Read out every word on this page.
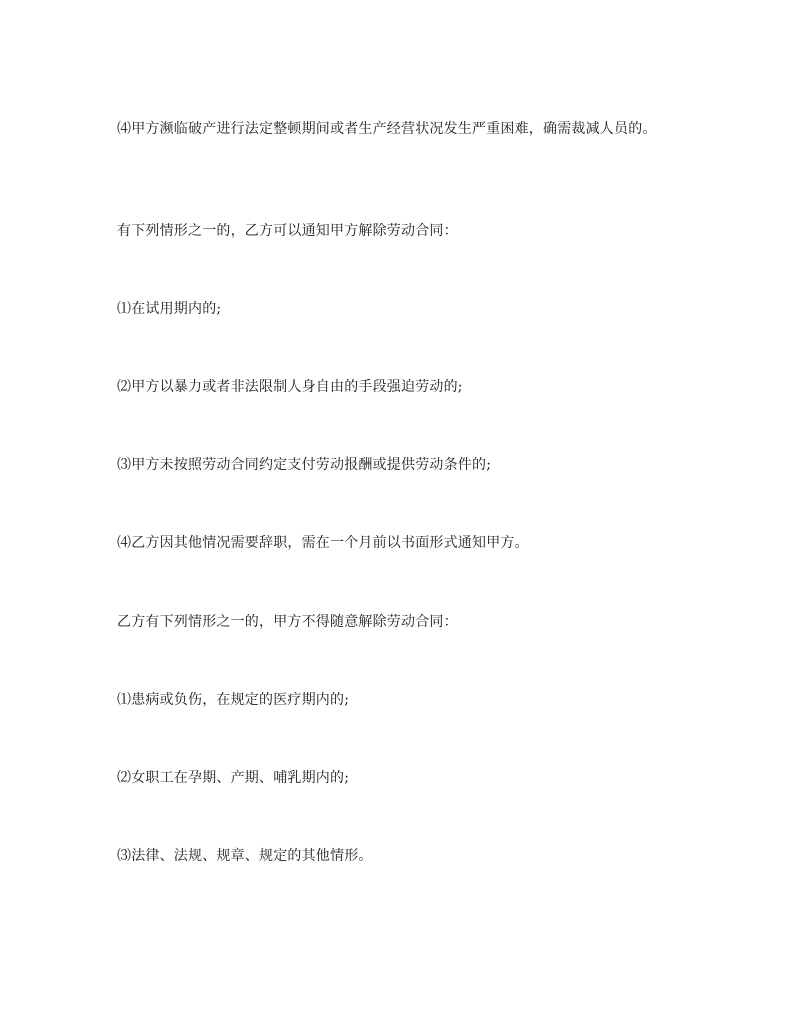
⑷甲方濒临破产进行法定整顿期间或者生产经营状况发生严重困难，确需裁减人员的。

有下列情形之一的，乙方可以通知甲方解除劳动合同：

⑴在试用期内的;

⑵甲方以暴力或者非法限制人身自由的手段强迫劳动的;

⑶甲方未按照劳动合同约定支付劳动报酬或提供劳动条件的;

⑷乙方因其他情况需要辞职，需在一个月前以书面形式通知甲方。

乙方有下列情形之一的，甲方不得随意解除劳动合同：

⑴患病或负伤，在规定的医疗期内的;

⑵女职工在孕期、产期、哺乳期内的;

⑶法律、法规、规章、规定的其他情形。
